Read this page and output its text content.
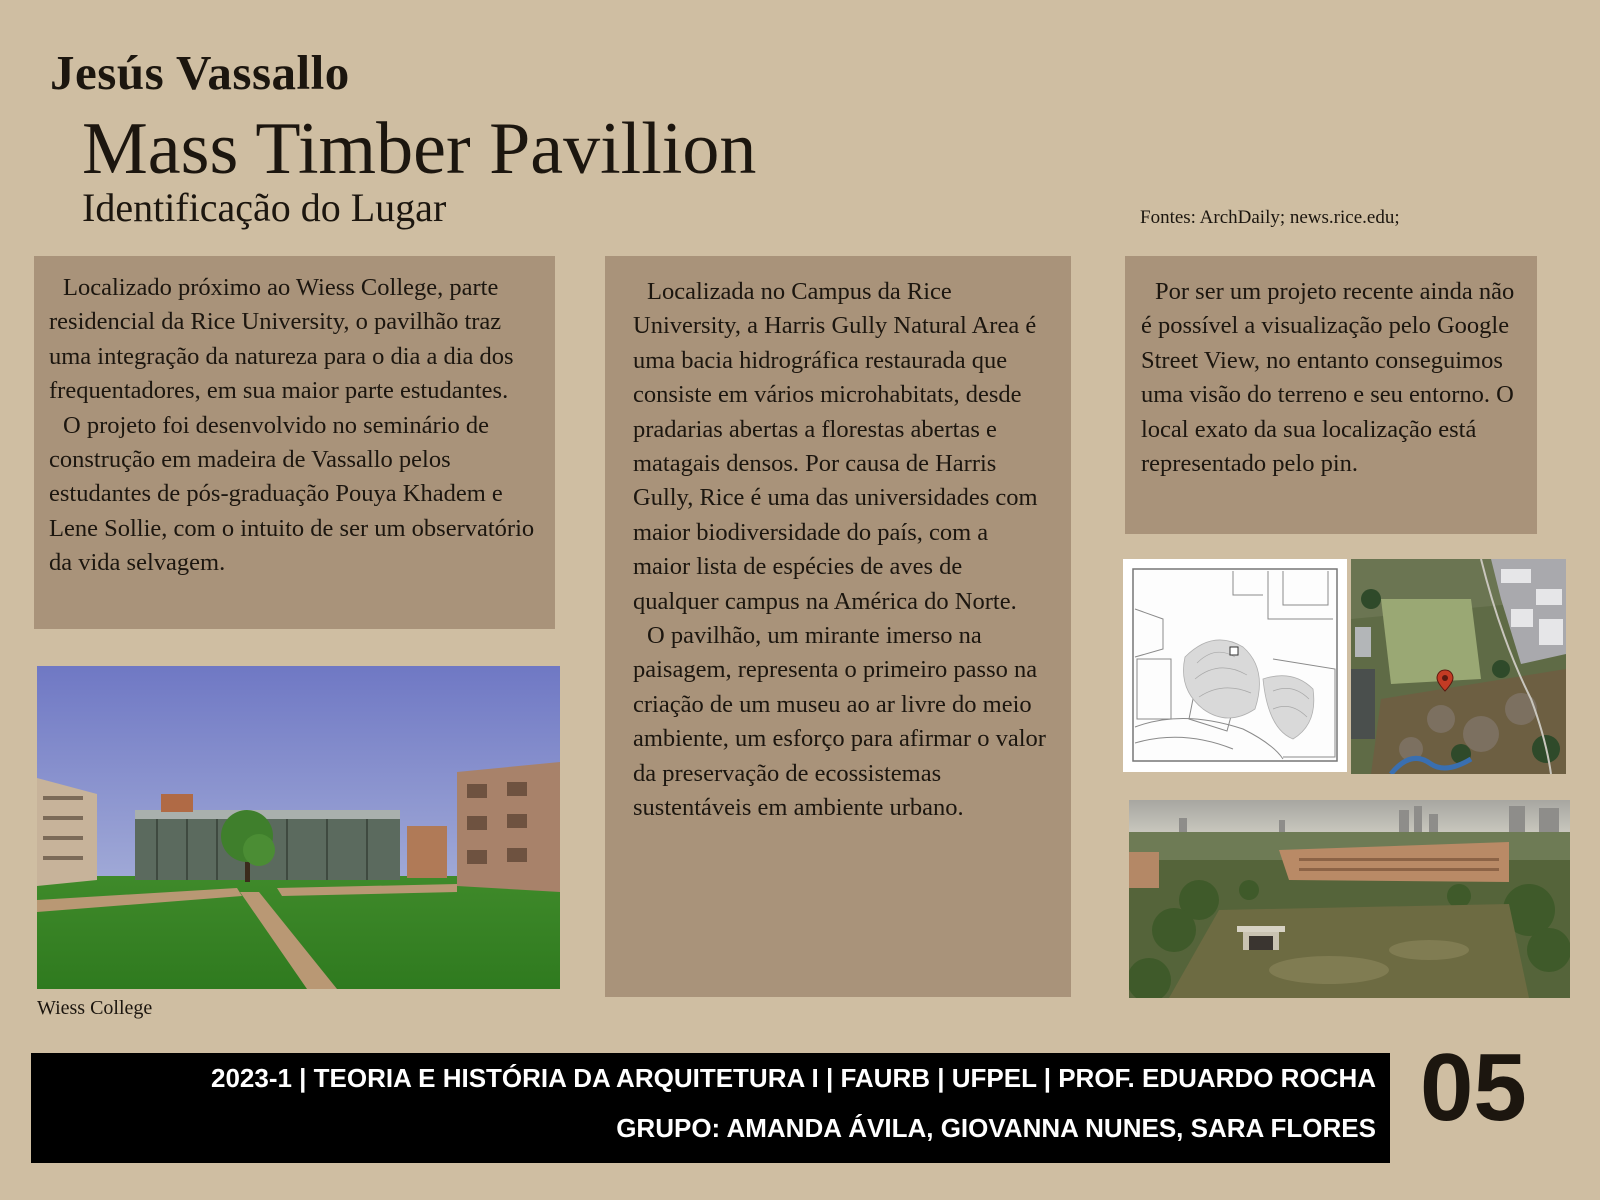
Jesús Vassallo
Mass Timber Pavillion
Identificação do Lugar	Fontes: ArchDaily; news.rice.edu;

Localizado próximo ao Wiess College, parte residencial da Rice University, o pavilhão traz uma integração da natureza para o dia a dia dos frequentadores, em sua maior parte estudantes.

O projeto foi desenvolvido no seminário de construção em madeira de Vassallo pelos estudantes de pós-graduação Pouya Khadem e Lene Sollie, com o intuito de ser um observatório da vida selvagem.

Localizada no Campus da Rice University, a Harris Gully Natural Area é uma bacia hidrográfica restaurada que consiste em vários microhabitats, desde pradarias abertas a florestas abertas e matagais densos. Por causa de Harris Gully, Rice é uma das universidades com maior biodiversidade do país, com a maior lista de espécies de aves de qualquer campus na América do Norte.

O pavilhão, um mirante imerso na paisagem, representa o primeiro passo na criação de um museu ao ar livre do meio ambiente, um esforço para afirmar o valor da preservação de ecossistemas sustentáveis em ambiente urbano.

Por ser um projeto recente ainda não é possível a visualização pelo Google Street View, no entanto conseguimos uma visão do terreno e seu entorno. O local exato da sua localização está representado pelo pin.

Wiess College
2023-1 | TEORIA E HISTÓRIA DA ARQUITETURA I | FAURB | UFPEL | PROF. EDUARDO ROCHA
GRUPO: AMANDA ÁVILA, GIOVANNA NUNES, SARA FLORES 05
